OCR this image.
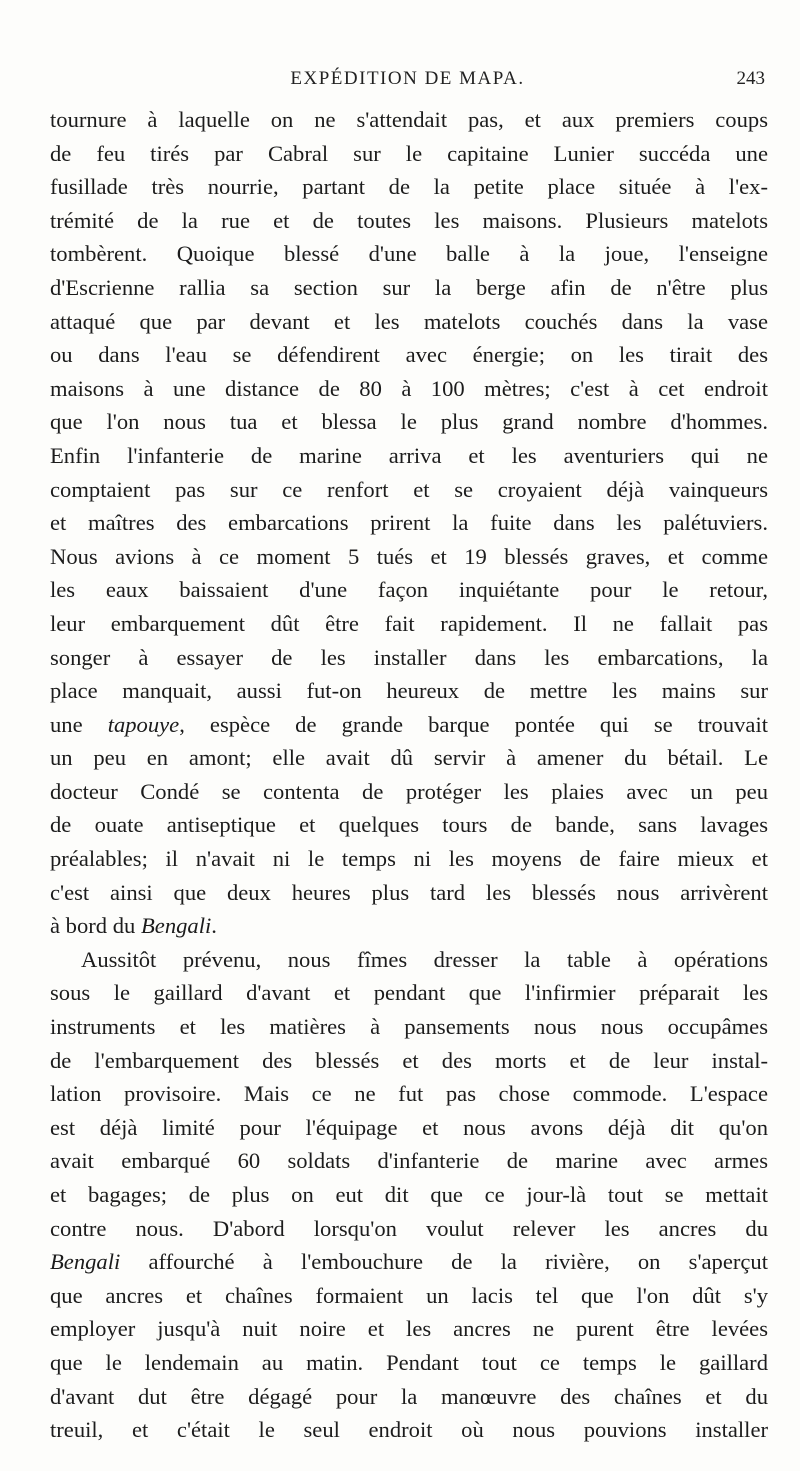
EXPÉDITION DE MAPA.	243
tournure à laquelle on ne s'attendait pas, et aux premiers coups
de feu tirés par Cabral sur le capitaine Lunier succéda une
fusillade très nourrie, partant de la petite place située à l'ex-
trémité de la rue et de toutes les maisons. Plusieurs matelots
tombèrent. Quoique blessé d'une balle à la joue, l'enseigne
d'Escrienne rallia sa section sur la berge afin de n'être plus
attaqué que par devant et les matelots couchés dans la vase
ou dans l'eau se défendirent avec énergie; on les tirait des
maisons à une distance de 80 à 100 mètres; c'est à cet endroit
que l'on nous tua et blessa le plus grand nombre d'hommes.
Enfin l'infanterie de marine arriva et les aventuriers qui ne
comptaient pas sur ce renfort et se croyaient déjà vainqueurs
et maîtres des embarcations prirent la fuite dans les palétuviers.
Nous avions à ce moment 5 tués et 19 blessés graves, et comme
les eaux baissaient d'une façon inquiétante pour le retour,
leur embarquement dût être fait rapidement. Il ne fallait pas
songer à essayer de les installer dans les embarcations, la
place manquait, aussi fut-on heureux de mettre les mains sur
une tapouye, espèce de grande barque pontée qui se trouvait
un peu en amont; elle avait dû servir à amener du bétail. Le
docteur Condé se contenta de protéger les plaies avec un peu
de ouate antiseptique et quelques tours de bande, sans lavages
préalables; il n'avait ni le temps ni les moyens de faire mieux et
c'est ainsi que deux heures plus tard les blessés nous arrivèrent
à bord du Bengali.
Aussitôt prévenu, nous fîmes dresser la table à opérations
sous le gaillard d'avant et pendant que l'infirmier préparait les
instruments et les matières à pansements nous nous occupâmes
de l'embarquement des blessés et des morts et de leur instal-
lation provisoire. Mais ce ne fut pas chose commode. L'espace
est déjà limité pour l'équipage et nous avons déjà dit qu'on
avait embarqué 60 soldats d'infanterie de marine avec armes
et bagages; de plus on eut dit que ce jour-là tout se mettait
contre nous. D'abord lorsqu'on voulut relever les ancres du
Bengali affourché à l'embouchure de la rivière, on s'aperçut
que ancres et chaînes formaient un lacis tel que l'on dût s'y
employer jusqu'à nuit noire et les ancres ne purent être levées
que le lendemain au matin. Pendant tout ce temps le gaillard
d'avant dut être dégagé pour la manœuvre des chaînes et du
treuil, et c'était le seul endroit où nous pouvions installer
